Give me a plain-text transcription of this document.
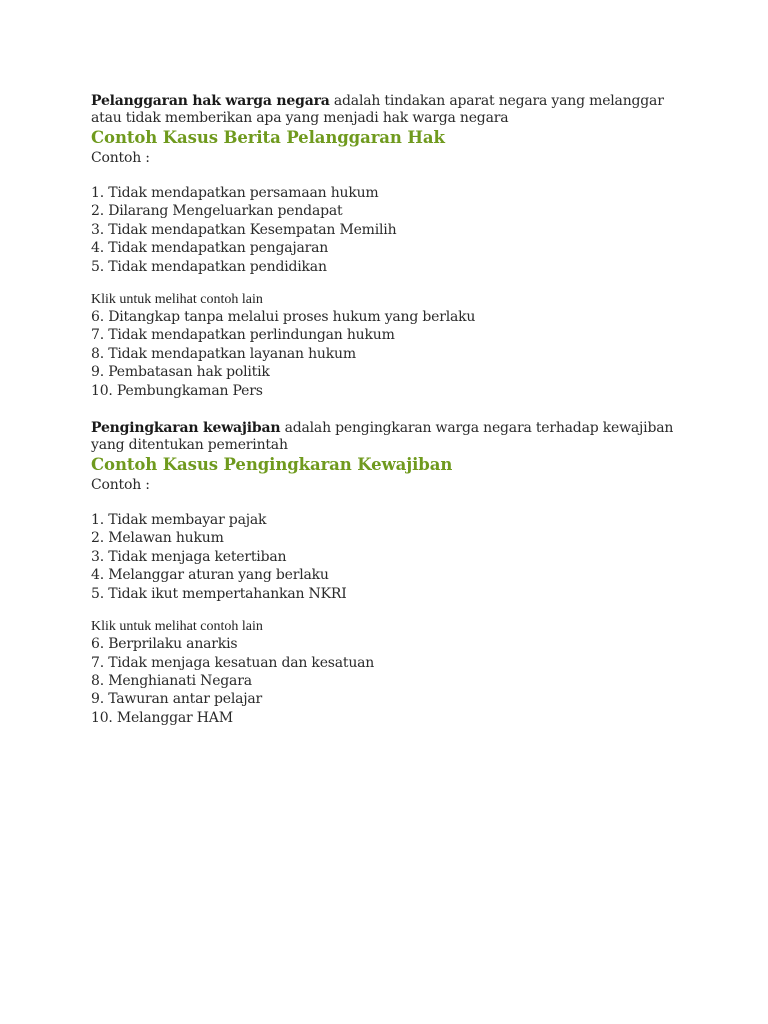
Pelanggaran hak warga negara adalah tindakan aparat negara yang melanggar atau tidak memberikan apa yang menjadi hak warga negara

Contoh Kasus Berita Pelanggaran Hak

Contoh :

1. Tidak mendapatkan persamaan hukum
2. Dilarang Mengeluarkan pendapat
3. Tidak mendapatkan Kesempatan Memilih
4. Tidak mendapatkan pengajaran
5. Tidak mendapatkan pendidikan

Klik untuk melihat contoh lain

6. Ditangkap tanpa melalui proses hukum yang berlaku
7. Tidak mendapatkan perlindungan hukum
8. Tidak mendapatkan layanan hukum
9. Pembatasan hak politik
10. Pembungkaman Pers

Pengingkaran kewajiban adalah pengingkaran warga negara terhadap kewajiban yang ditentukan pemerintah

Contoh Kasus Pengingkaran Kewajiban

Contoh :

1. Tidak membayar pajak
2. Melawan hukum
3. Tidak menjaga ketertiban
4. Melanggar aturan yang berlaku
5. Tidak ikut mempertahankan NKRI

Klik untuk melihat contoh lain

6. Berprilaku anarkis
7. Tidak menjaga kesatuan dan kesatuan
8. Menghianati Negara
9. Tawuran antar pelajar
10. Melanggar HAM
